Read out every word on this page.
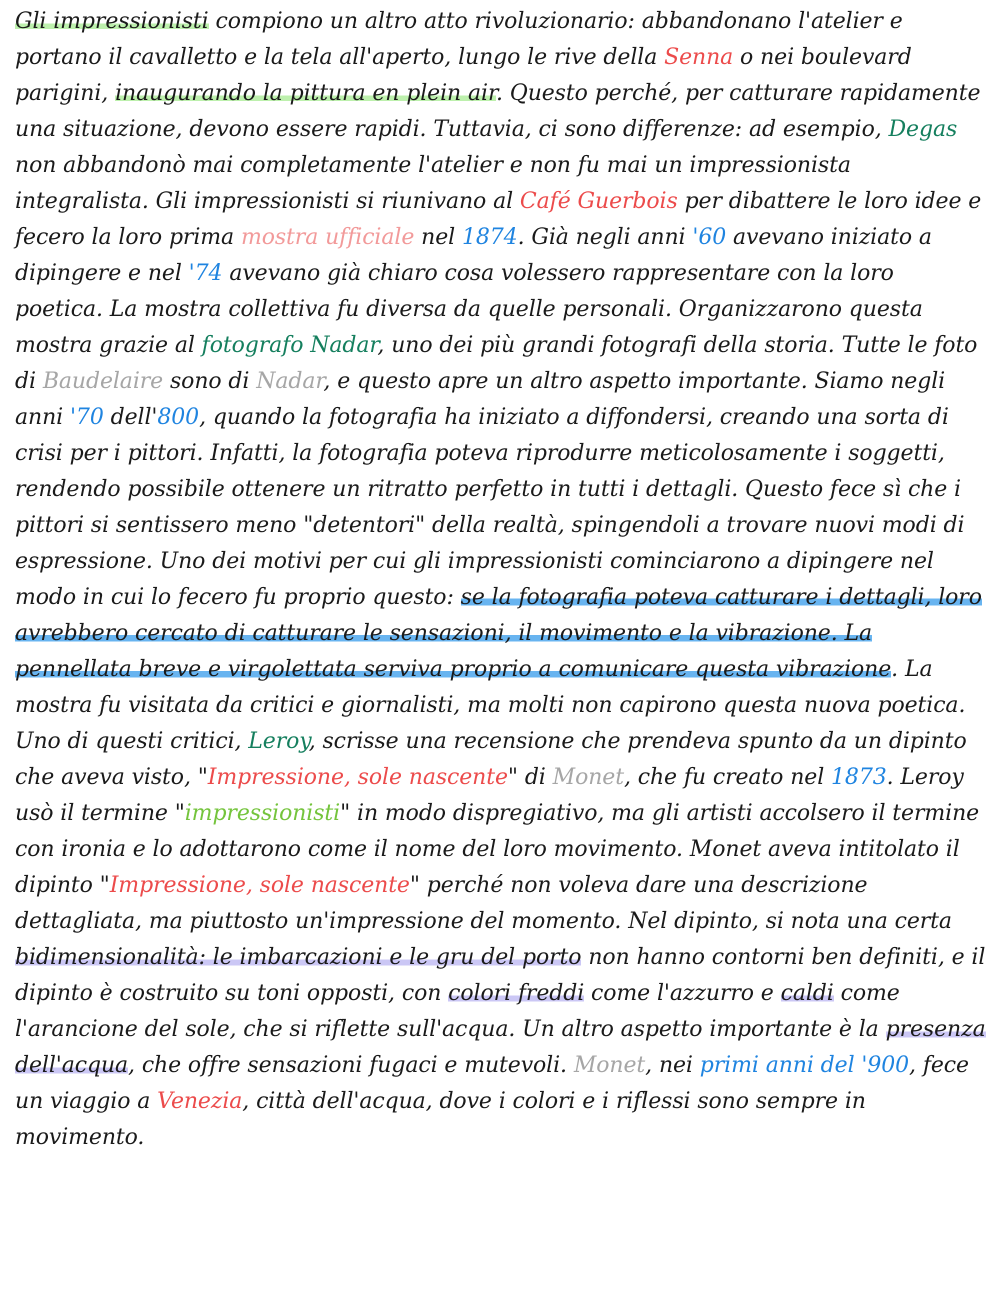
Gli impressionisti compiono un altro atto rivoluzionario: abbandonano l'atelier e portano il cavalletto e la tela all'aperto, lungo le rive della Senna o nei boulevard parigini, inaugurando la pittura en plein air. Questo perché, per catturare rapidamente una situazione, devono essere rapidi. Tuttavia, ci sono differenze: ad esempio, Degas non abbandonò mai completamente l'atelier e non fu mai un impressionista integralista. Gli impressionisti si riunivano al Café Guerbois per dibattere le loro idee e fecero la loro prima mostra ufficiale nel 1874. Già negli anni '60 avevano iniziato a dipingere e nel '74 avevano già chiaro cosa volessero rappresentare con la loro poetica. La mostra collettiva fu diversa da quelle personali. Organizzarono questa mostra grazie al fotografo Nadar, uno dei più grandi fotografi della storia. Tutte le foto di Baudelaire sono di Nadar, e questo apre un altro aspetto importante. Siamo negli anni '70 dell'800, quando la fotografia ha iniziato a diffondersi, creando una sorta di crisi per i pittori. Infatti, la fotografia poteva riprodurre meticolosamente i soggetti, rendendo possibile ottenere un ritratto perfetto in tutti i dettagli. Questo fece sì che i pittori si sentissero meno "detentori" della realtà, spingendoli a trovare nuovi modi di espressione. Uno dei motivi per cui gli impressionisti cominciarono a dipingere nel modo in cui lo fecero fu proprio questo: se la fotografia poteva catturare i dettagli, loro avrebbero cercato di catturare le sensazioni, il movimento e la vibrazione. La pennellata breve e virgolettata serviva proprio a comunicare questa vibrazione. La mostra fu visitata da critici e giornalisti, ma molti non capirono questa nuova poetica. Uno di questi critici, Leroy, scrisse una recensione che prendeva spunto da un dipinto che aveva visto, "Impressione, sole nascente" di Monet, che fu creato nel 1873. Leroy usò il termine "impressionisti" in modo dispregiativo, ma gli artisti accolsero il termine con ironia e lo adottarono come il nome del loro movimento. Monet aveva intitolato il dipinto "Impressione, sole nascente" perché non voleva dare una descrizione dettagliata, ma piuttosto un'impressione del momento. Nel dipinto, si nota una certa bidimensionalità: le imbarcazioni e le gru del porto non hanno contorni ben definiti, e il dipinto è costruito su toni opposti, con colori freddi come l'azzurro e caldi come l'arancione del sole, che si riflette sull'acqua. Un altro aspetto importante è la presenza dell'acqua, che offre sensazioni fugaci e mutevoli. Monet, nei primi anni del '900, fece un viaggio a Venezia, città dell'acqua, dove i colori e i riflessi sono sempre in movimento.
